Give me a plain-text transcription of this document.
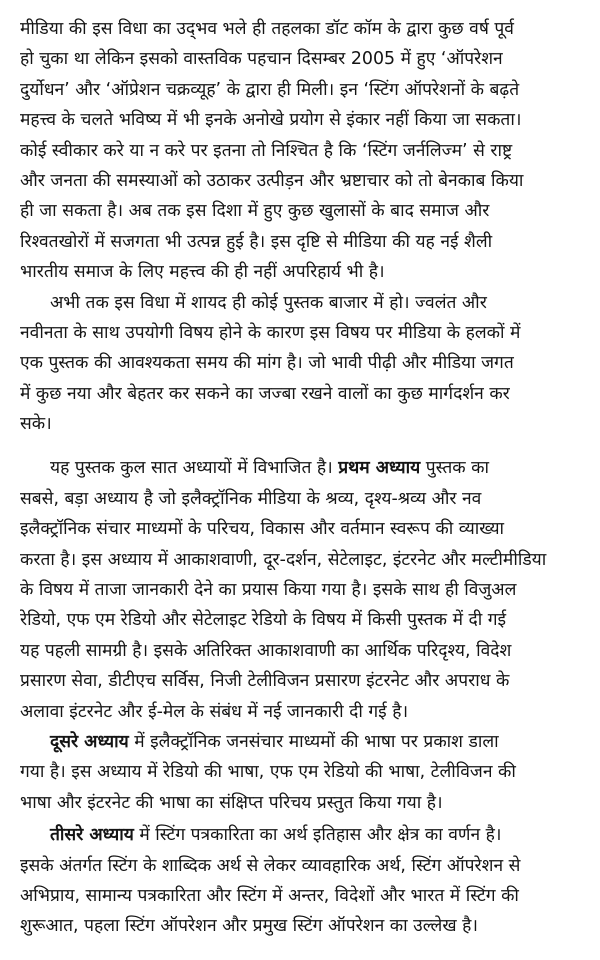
मीडिया की इस विधा का उद्‌भव भले ही तहलका डॉट कॉम के द्वारा कुछ वर्ष पूर्व
हो चुका था लेकिन इसको वास्तविक पहचान दिसम्बर 2005 में हुए ‘ऑपरेशन
दुर्योधन’ और ‘ऑप्रेशन चक्रव्यूह’ के द्वारा ही मिली। इन ‘स्टिंग ऑपरेशनों के बढ़ते
महत्त्व के चलते भविष्य में भी इनके अनोखे प्रयोग से इंकार नहीं किया जा सकता।
कोई स्वीकार करे या न करे पर इतना तो निश्चित है कि ‘स्टिंग जर्नलिज्म’ से राष्ट्र
और जनता की समस्याओं को उठाकर उत्पीड़न और भ्रष्टाचार को तो बेनकाब किया
ही जा सकता है। अब तक इस दिशा में हुए कुछ खुलासों के बाद समाज और
रिश्वतखोरों में सजगता भी उत्पन्न हुई है। इस दृष्टि से मीडिया की यह नई शैली
भारतीय समाज के लिए महत्त्व की ही नहीं अपरिहार्य भी है।
अभी तक इस विधा में शायद ही कोई पुस्तक बाजार में हो। ज्वलंत और
नवीनता के साथ उपयोगी विषय होने के कारण इस विषय पर मीडिया के हलकों में
एक पुस्तक की आवश्यकता समय की मांग है। जो भावी पीढ़ी और मीडिया जगत
में कुछ नया और बेहतर कर सकने का जज्बा रखने वालों का कुछ मार्गदर्शन कर
सके।
यह पुस्तक कुल सात अध्यायों में विभाजित है। प्रथम अध्याय पुस्तक का
सबसे, बड़ा अध्याय है जो इलैक्ट्रॉनिक मीडिया के श्रव्य, दृश्य-श्रव्य और नव
इलैक्ट्रॉनिक संचार माध्यमों के परिचय, विकास और वर्तमान स्वरूप की व्याख्या
करता है। इस अध्याय में आकाशवाणी, दूर-दर्शन, सेटेलाइट, इंटरनेट और मल्टीमीडिया
के विषय में ताजा जानकारी देने का प्रयास किया गया है। इसके साथ ही विजुअल
रेडियो, एफ एम रेडियो और सेटेलाइट रेडियो के विषय में किसी पुस्तक में दी गई
यह पहली सामग्री है। इसके अतिरिक्त आकाशवाणी का आर्थिक परिदृश्य, विदेश
प्रसारण सेवा, डीटीएच सर्विस, निजी टेलीविजन प्रसारण इंटरनेट और अपराध के
अलावा इंटरनेट और ई-मेल के संबंध में नई जानकारी दी गई है।
दूसरे अध्याय में इलैक्ट्रॉनिक जनसंचार माध्यमों की भाषा पर प्रकाश डाला
गया है। इस अध्याय में रेडियो की भाषा, एफ एम रेडियो की भाषा, टेलीविजन की
भाषा और इंटरनेट की भाषा का संक्षिप्त परिचय प्रस्तुत किया गया है।
तीसरे अध्याय में स्टिंग पत्रकारिता का अर्थ इतिहास और क्षेत्र का वर्णन है।
इसके अंतर्गत स्टिंग के शाब्दिक अर्थ से लेकर व्यावहारिक अर्थ, स्टिंग ऑपरेशन से
अभिप्राय, सामान्य पत्रकारिता और स्टिंग में अन्तर, विदेशों और भारत में स्टिंग की
शुरूआत, पहला स्टिंग ऑपरेशन और प्रमुख स्टिंग ऑपरेशन का उल्लेख है।
